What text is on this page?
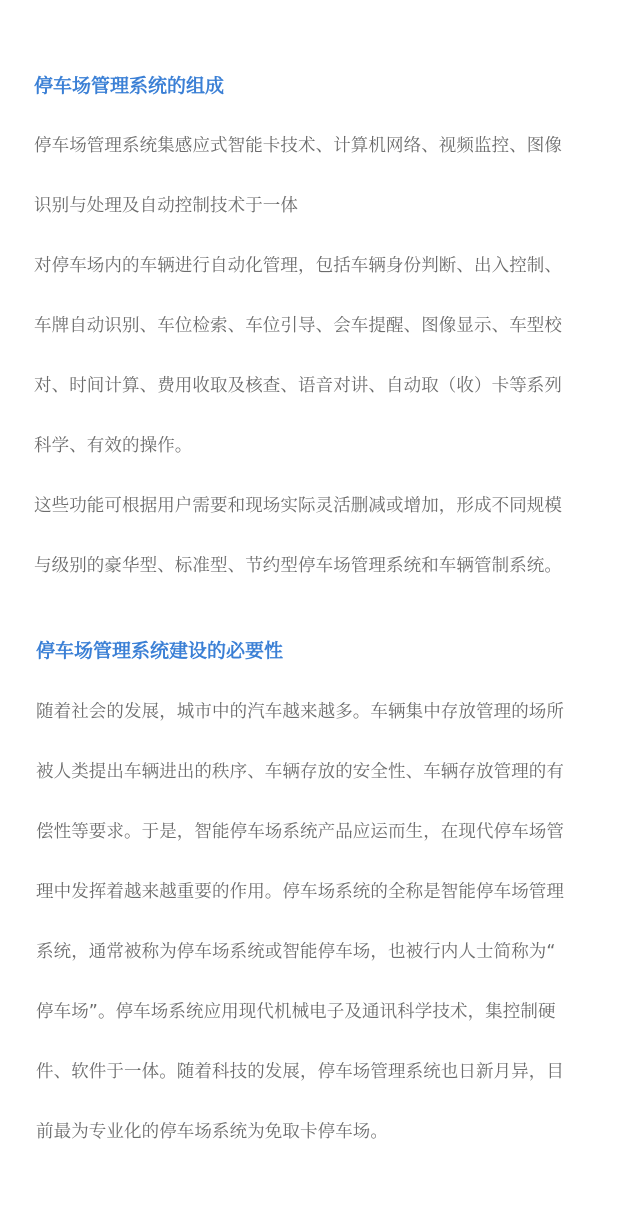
停车场管理系统的组成
停车场管理系统集感应式智能卡技术、计算机网络、视频监控、图像
识别与处理及自动控制技术于一体
对停车场内的车辆进行自动化管理，包括车辆身份判断、出入控制、
车牌自动识别、车位检索、车位引导、会车提醒、图像显示、车型校
对、时间计算、费用收取及核查、语音对讲、自动取（收）卡等系列
科学、有效的操作。
这些功能可根据用户需要和现场实际灵活删减或增加，形成不同规模
与级别的豪华型、标准型、节约型停车场管理系统和车辆管制系统。
停车场管理系统建设的必要性
随着社会的发展，城市中的汽车越来越多。车辆集中存放管理的场所
被人类提出车辆进出的秩序、车辆存放的安全性、车辆存放管理的有
偿性等要求。于是，智能停车场系统产品应运而生，在现代停车场管
理中发挥着越来越重要的作用。停车场系统的全称是智能停车场管理
系统，通常被称为停车场系统或智能停车场，也被行内人士简称为“
停车场”。停车场系统应用现代机械电子及通讯科学技术，集控制硬
件、软件于一体。随着科技的发展，停车场管理系统也日新月异，目
前最为专业化的停车场系统为免取卡停车场。
